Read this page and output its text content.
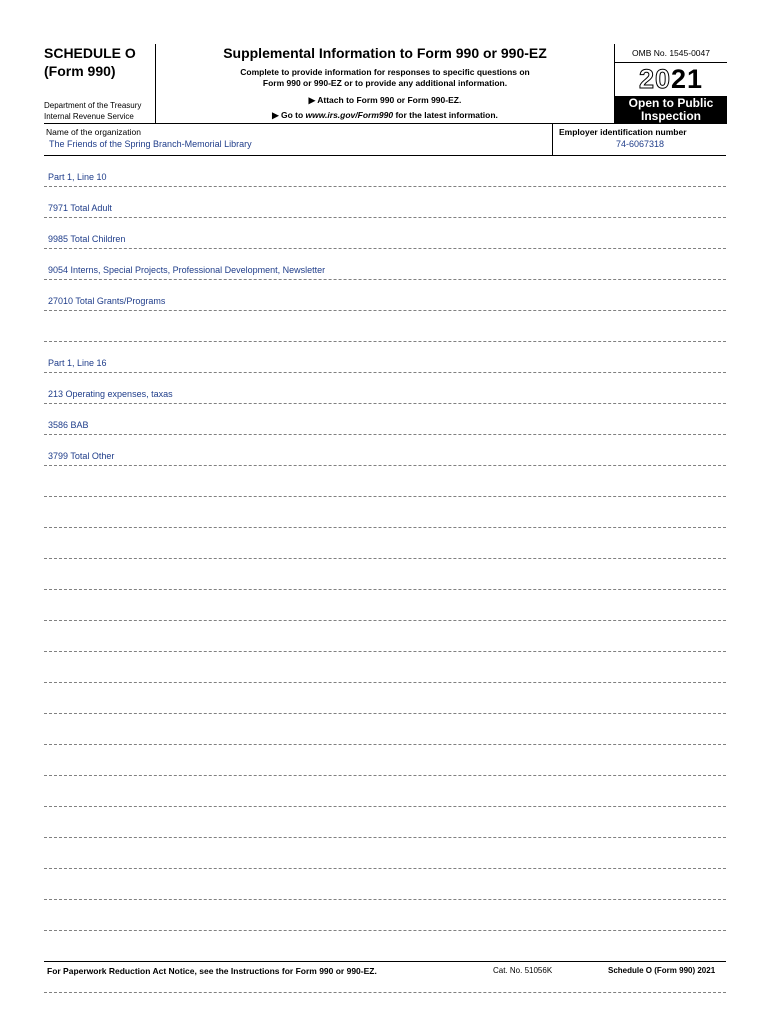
SCHEDULE O
(Form 990)
Department of the Treasury
Internal Revenue Service
Supplemental Information to Form 990 or 990-EZ
Complete to provide information for responses to specific questions on
Form 990 or 990-EZ or to provide any additional information.
▶ Attach to Form 990 or Form 990-EZ.
▶ Go to www.irs.gov/Form990 for the latest information.
OMB No. 1545-0047
2021
Open to Public
Inspection
Name of the organization
The Friends of the Spring Branch-Memorial Library
Employer identification number
74-6067318
Part 1, Line 10
7971 Total Adult
9985 Total Children
9054 Interns, Special Projects, Professional Development, Newsletter
27010 Total Grants/Programs
Part 1, Line 16
213 Operating expenses, taxas
3586 BAB
3799 Total Other
For Paperwork Reduction Act Notice, see the Instructions for Form 990 or 990-EZ.	Cat. No. 51056K	Schedule O (Form 990) 2021
